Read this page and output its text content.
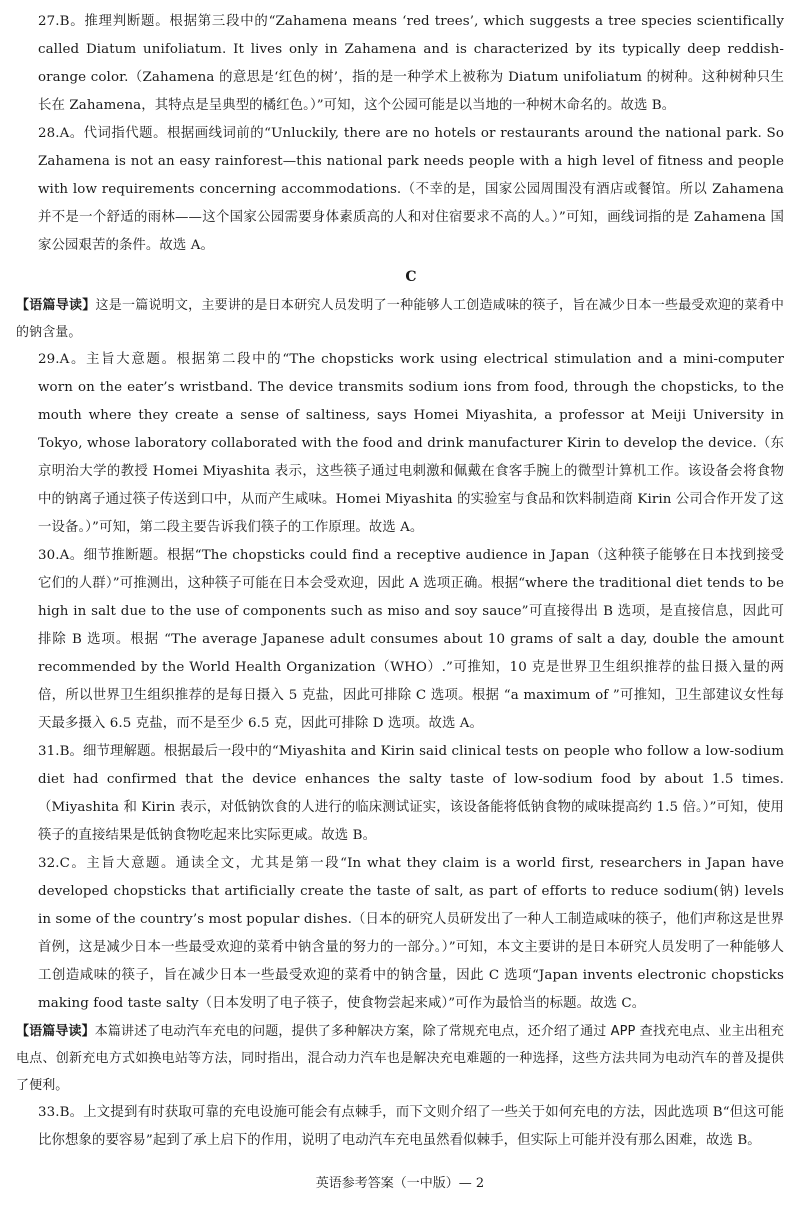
27.B。推理判断题。根据第三段中的“Zahamena means ‘red trees’, which suggests a tree species scientifically called Diatum unifoliatum. It lives only in Zahamena and is characterized by its typically deep reddish-orange color.（Zahamena 的意思是‘红色的树’，指的是一种学术上被称为 Diatum unifoliatum 的树种。这种树种只生长在 Zahamena，其特点是呈典型的橘红色。）”可知，这个公园可能是以当地的一种树木命名的。故选 B。

28.A。代词指代题。根据画线词前的“Unluckily, there are no hotels or restaurants around the national park. So Zahamena is not an easy rainforest—this national park needs people with a high level of fitness and people with low requirements concerning accommodations.（不幸的是，国家公园周围没有酒店或餐馆。所以 Zahamena 并不是一个舒适的雨林——这个国家公园需要身体素质高的人和对住宿要求不高的人。）”可知，画线词指的是 Zahamena 国家公园艰苦的条件。故选 A。

C

【语篇导读】这是一篇说明文，主要讲的是日本研究人员发明了一种能够人工创造咸味的筷子，旨在减少日本一些最受欢迎的菜肴中的钠含量。

29.A。主旨大意题。根据第二段中的“The chopsticks work using electrical stimulation and a mini-computer worn on the eater’s wristband. The device transmits sodium ions from food, through the chopsticks, to the mouth where they create a sense of saltiness, says Homei Miyashita, a professor at Meiji University in Tokyo, whose laboratory collaborated with the food and drink manufacturer Kirin to develop the device.（东京明治大学的教授 Homei Miyashita 表示，这些筷子通过电刺激和佩戴在食客手腕上的微型计算机工作。该设备会将食物中的钠离子通过筷子传送到口中，从而产生咸味。Homei Miyashita 的实验室与食品和饮料制造商 Kirin 公司合作开发了这一设备。）”可知，第二段主要告诉我们筷子的工作原理。故选 A。

30.A。细节推断题。根据“The chopsticks could find a receptive audience in Japan（这种筷子能够在日本找到接受它们的人群）”可推测出，这种筷子可能在日本会受欢迎，因此 A 选项正确。根据“where the traditional diet tends to be high in salt due to the use of components such as miso and soy sauce”可直接得出 B 选项，是直接信息，因此可排除 B 选项。根据 “The average Japanese adult consumes about 10 grams of salt a day, double the amount recommended by the World Health Organization（WHO）.”可推知，10 克是世界卫生组织推荐的盐日摄入量的两倍，所以世界卫生组织推荐的是每日摄入 5 克盐，因此可排除 C 选项。根据 “a maximum of ”可推知，卫生部建议女性每天最多摄入 6.5 克盐，而不是至少 6.5 克，因此可排除 D 选项。故选 A。

31.B。细节理解题。根据最后一段中的“Miyashita and Kirin said clinical tests on people who follow a low-sodium diet had confirmed that the device enhances the salty taste of low-sodium food by about 1.5 times.（Miyashita 和 Kirin 表示，对低钠饮食的人进行的临床测试证实，该设备能将低钠食物的咸味提高约 1.5 倍。）”可知，使用筷子的直接结果是低钠食物吃起来比实际更咸。故选 B。

32.C。主旨大意题。通读全文，尤其是第一段“In what they claim is a world first, researchers in Japan have developed chopsticks that artificially create the taste of salt, as part of efforts to reduce sodium(钠) levels in some of the country’s most popular dishes.（日本的研究人员研发出了一种人工制造咸味的筷子，他们声称这是世界首例，这是减少日本一些最受欢迎的菜肴中钠含量的努力的一部分。）”可知，本文主要讲的是日本研究人员发明了一种能够人工创造咸味的筷子，旨在减少日本一些最受欢迎的菜肴中的钠含量，因此 C 选项“Japan invents electronic chopsticks making food taste salty（日本发明了电子筷子，使食物尝起来咸）”可作为最恰当的标题。故选 C。

【语篇导读】本篇讲述了电动汽车充电的问题，提供了多种解决方案，除了常规充电点，还介绍了通过 APP 查找充电点、业主出租充电点、创新充电方式如换电站等方法，同时指出，混合动力汽车也是解决充电难题的一种选择，这些方法共同为电动汽车的普及提供了便利。

33.B。上文提到有时获取可靠的充电设施可能会有点棘手，而下文则介绍了一些关于如何充电的方法，因此选项 B“但这可能比你想象的要容易”起到了承上启下的作用，说明了电动汽车充电虽然看似棘手，但实际上可能并没有那么困难，故选 B。

英语参考答案（一中版）— 2
